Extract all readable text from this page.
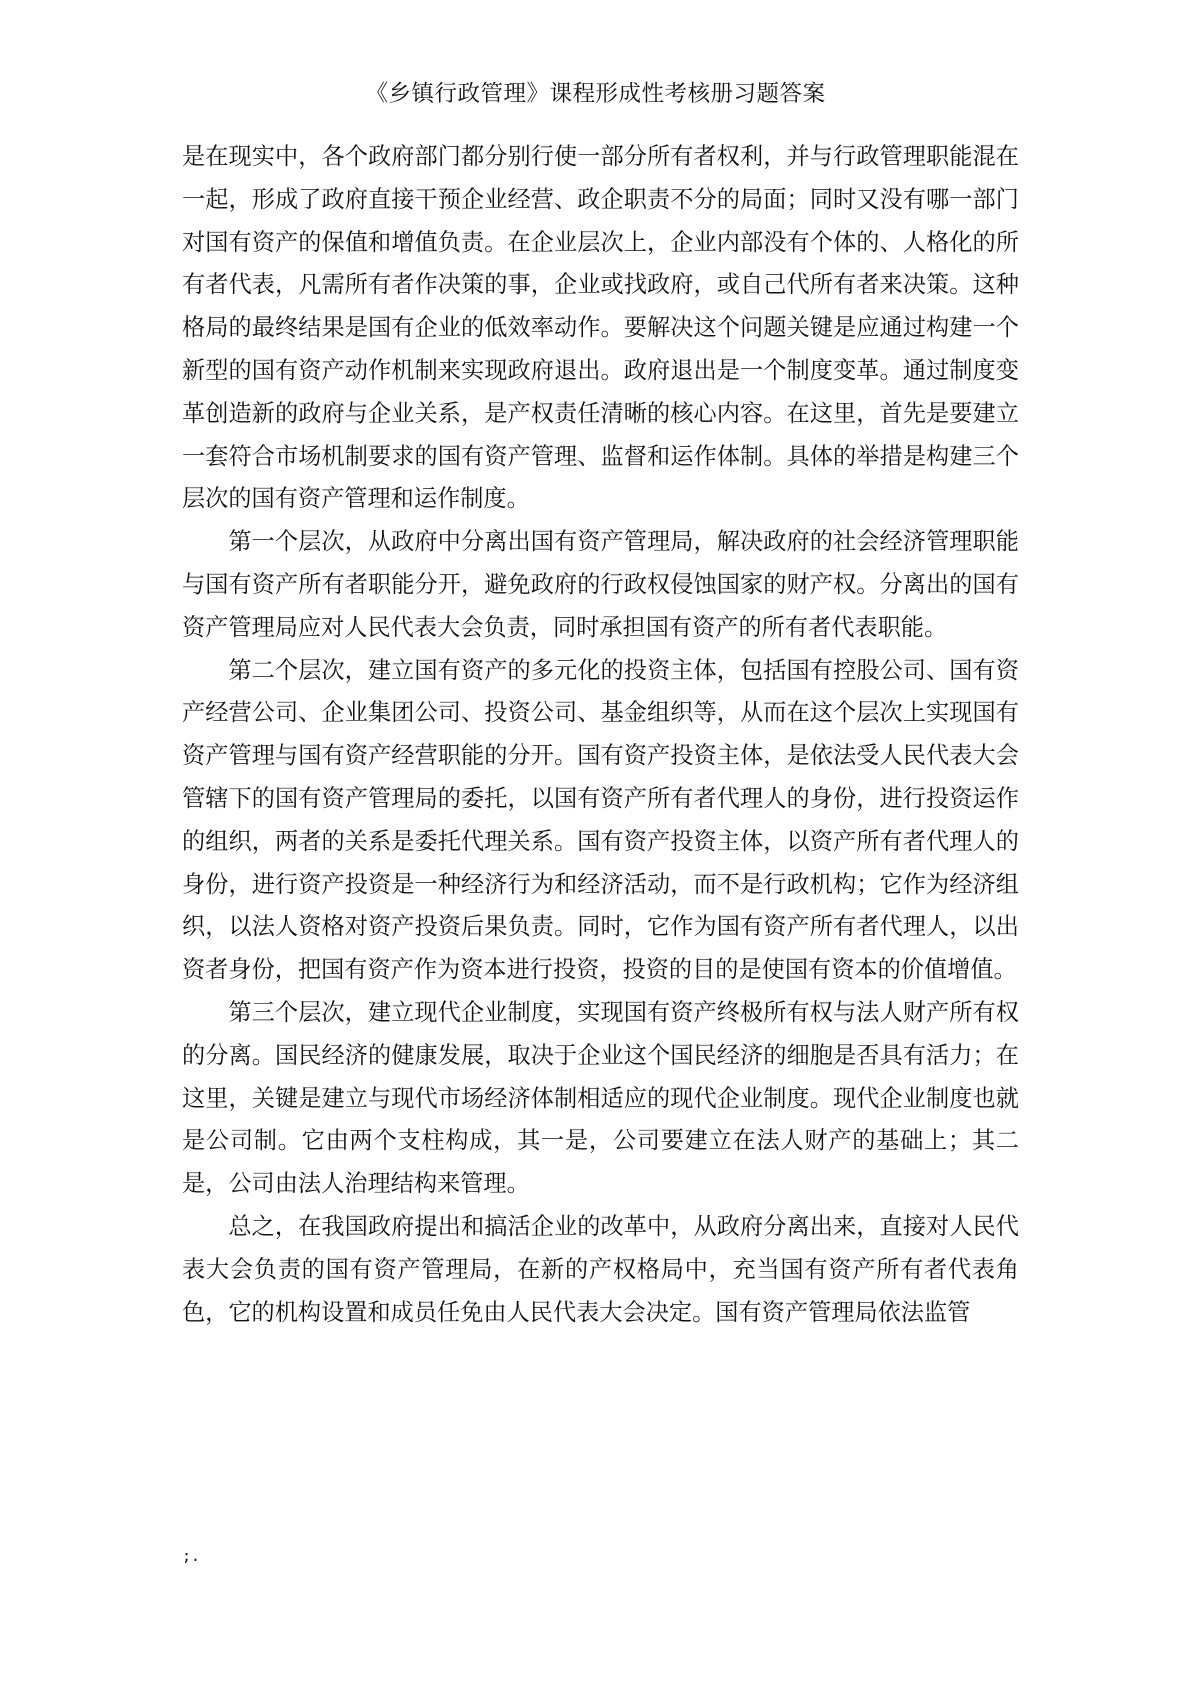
《乡镇行政管理》课程形成性考核册习题答案

是在现实中，各个政府部门都分别行使一部分所有者权利，并与行政管理职能混在一起，形成了政府直接干预企业经营、政企职责不分的局面；同时又没有哪一部门对国有资产的保值和增值负责。在企业层次上，企业内部没有个体的、人格化的所有者代表，凡需所有者作决策的事，企业或找政府，或自己代所有者来决策。这种格局的最终结果是国有企业的低效率动作。要解决这个问题关键是应通过构建一个新型的国有资产动作机制来实现政府退出。政府退出是一个制度变革。通过制度变革创造新的政府与企业关系，是产权责任清晰的核心内容。在这里，首先是要建立一套符合市场机制要求的国有资产管理、监督和运作体制。具体的举措是构建三个层次的国有资产管理和运作制度。

第一个层次，从政府中分离出国有资产管理局，解决政府的社会经济管理职能与国有资产所有者职能分开，避免政府的行政权侵蚀国家的财产权。分离出的国有资产管理局应对人民代表大会负责，同时承担国有资产的所有者代表职能。

第二个层次，建立国有资产的多元化的投资主体，包括国有控股公司、国有资产经营公司、企业集团公司、投资公司、基金组织等，从而在这个层次上实现国有资产管理与国有资产经营职能的分开。国有资产投资主体，是依法受人民代表大会管辖下的国有资产管理局的委托，以国有资产所有者代理人的身份，进行投资运作的组织，两者的关系是委托代理关系。国有资产投资主体，以资产所有者代理人的身份，进行资产投资是一种经济行为和经济活动，而不是行政机构；它作为经济组织，以法人资格对资产投资后果负责。同时，它作为国有资产所有者代理人，以出资者身份，把国有资产作为资本进行投资，投资的目的是使国有资本的价值增值。

第三个层次，建立现代企业制度，实现国有资产终极所有权与法人财产所有权的分离。国民经济的健康发展，取决于企业这个国民经济的细胞是否具有活力；在这里，关键是建立与现代市场经济体制相适应的现代企业制度。现代企业制度也就是公司制。它由两个支柱构成，其一是，公司要建立在法人财产的基础上；其二是，公司由法人治理结构来管理。

总之，在我国政府提出和搞活企业的改革中，从政府分离出来，直接对人民代表大会负责的国有资产管理局，在新的产权格局中，充当国有资产所有者代表角色，它的机构设置和成员任免由人民代表大会决定。国有资产管理局依法监管

;.
